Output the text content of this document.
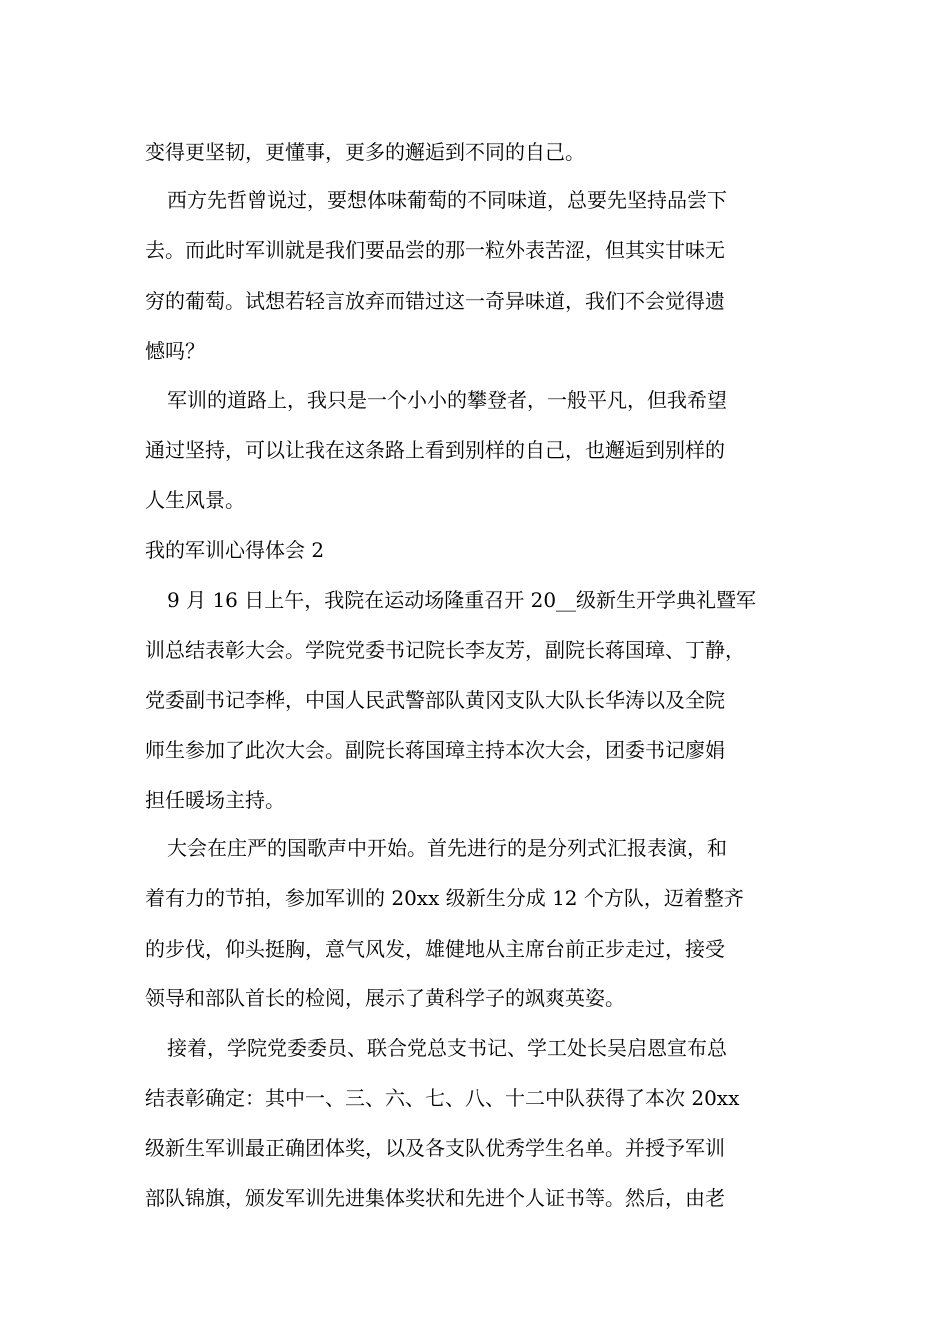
变得更坚韧，更懂事，更多的邂逅到不同的自己。
西方先哲曾说过，要想体味葡萄的不同味道，总要先坚持品尝下
去。而此时军训就是我们要品尝的那一粒外表苦涩，但其实甘味无
穷的葡萄。试想若轻言放弃而错过这一奇异味道，我们不会觉得遗
憾吗？
军训的道路上，我只是一个小小的攀登者，一般平凡，但我希望
通过坚持，可以让我在这条路上看到别样的自己，也邂逅到别样的
人生风景。
我的军训心得体会 2
9 月 16 日上午，我院在运动场隆重召开 20__级新生开学典礼暨军
训总结表彰大会。学院党委书记院长李友芳，副院长蒋国璋、丁静，
党委副书记李桦，中国人民武警部队黄冈支队大队长华涛以及全院
师生参加了此次大会。副院长蒋国璋主持本次大会，团委书记廖娟
担任暖场主持。
大会在庄严的国歌声中开始。首先进行的是分列式汇报表演，和
着有力的节拍，参加军训的 20xx 级新生分成 12 个方队，迈着整齐
的步伐，仰头挺胸，意气风发，雄健地从主席台前正步走过，接受
领导和部队首长的检阅，展示了黄科学子的飒爽英姿。
接着，学院党委委员、联合党总支书记、学工处长吴启恩宣布总
结表彰确定：其中一、三、六、七、八、十二中队获得了本次 20xx
级新生军训最正确团体奖，以及各支队优秀学生名单。并授予军训
部队锦旗，颁发军训先进集体奖状和先进个人证书等。然后，由老
